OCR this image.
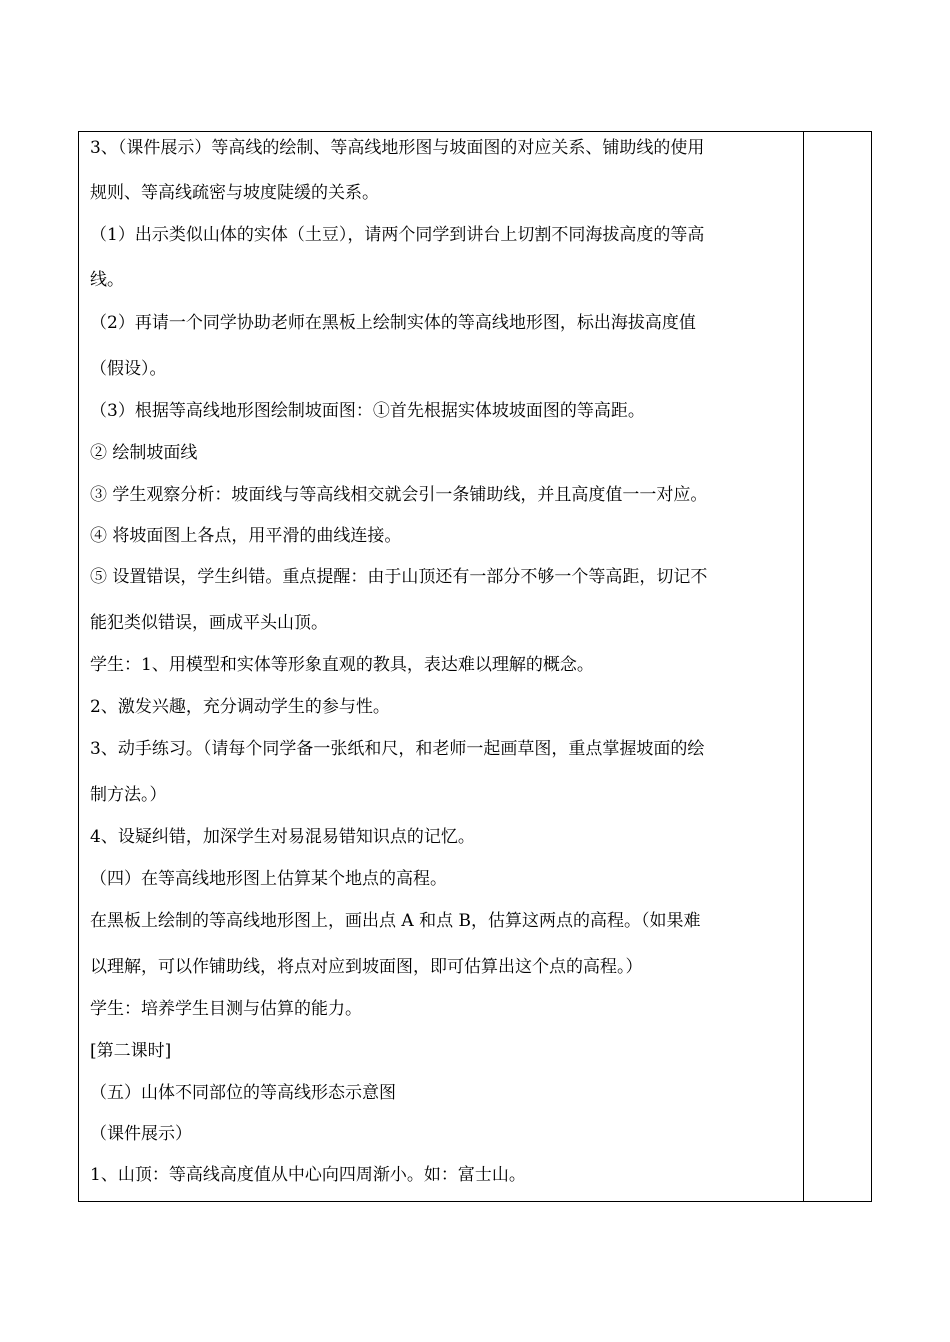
3、（课件展示）等高线的绘制、等高线地形图与坡面图的对应关系、铺助线的使用
规则、等高线疏密与坡度陡缓的关系。
（1）出示类似山体的实体（土豆），请两个同学到讲台上切割不同海拔高度的等高
线。
（2）再请一个同学协助老师在黑板上绘制实体的等高线地形图，标出海拔高度值
（假设）。
（3）根据等高线地形图绘制坡面图：①首先根据实体坡坡面图的等高距。
② 绘制坡面线
③ 学生观察分析：坡面线与等高线相交就会引一条铺助线，并且高度值一一对应。
④ 将坡面图上各点，用平滑的曲线连接。
⑤ 设置错误，学生纠错。重点提醒：由于山顶还有一部分不够一个等高距，切记不
能犯类似错误，画成平头山顶。
学生：1、用模型和实体等形象直观的教具，表达难以理解的概念。
2、激发兴趣，充分调动学生的参与性。
3、动手练习。（请每个同学备一张纸和尺，和老师一起画草图，重点掌握坡面的绘
制方法。）
4、设疑纠错，加深学生对易混易错知识点的记忆。
（四）在等高线地形图上估算某个地点的高程。
在黑板上绘制的等高线地形图上，画出点 A 和点 B，估算这两点的高程。（如果难
以理解，可以作铺助线，将点对应到坡面图，即可估算出这个点的高程。）
学生：培养学生目测与估算的能力。
[第二课时]
（五）山体不同部位的等高线形态示意图
（课件展示）
1、山顶：等高线高度值从中心向四周渐小。如：富士山。
